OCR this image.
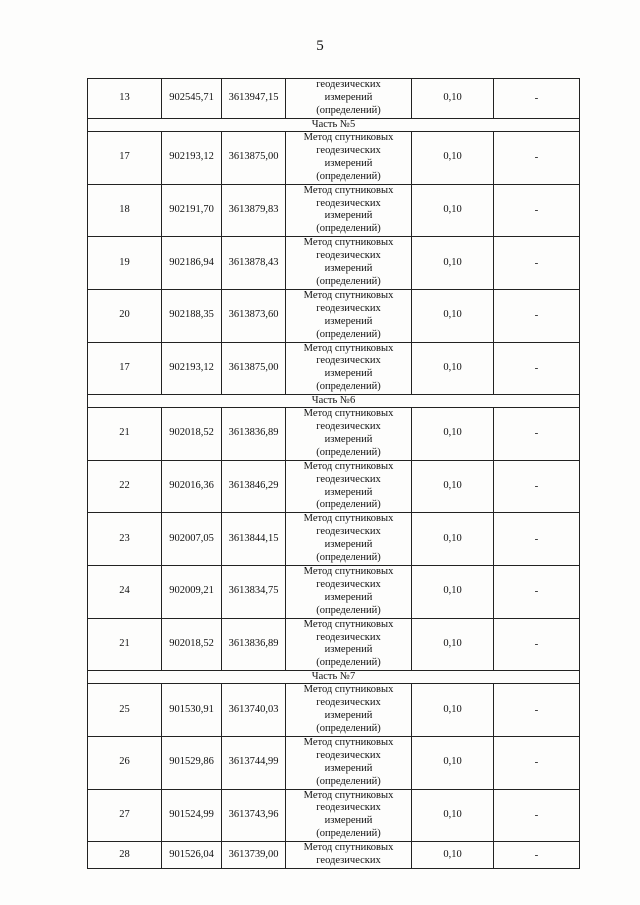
5
13	902545,71	3613947,15	геодезических
измерений
(определений)	0,10	-
Часть №5					
17	902193,12	3613875,00	Метод спутниковых
геодезических
измерений
(определений)	0,10	-
18	902191,70	3613879,83	Метод спутниковых
геодезических
измерений
(определений)	0,10	-
19	902186,94	3613878,43	Метод спутниковых
геодезических
измерений
(определений)	0,10	-
20	902188,35	3613873,60	Метод спутниковых
геодезических
измерений
(определений)	0,10	-
17	902193,12	3613875,00	Метод спутниковых
геодезических
измерений
(определений)	0,10	-
Часть №6					
21	902018,52	3613836,89	Метод спутниковых
геодезических
измерений
(определений)	0,10	-
22	902016,36	3613846,29	Метод спутниковых
геодезических
измерений
(определений)	0,10	-
23	902007,05	3613844,15	Метод спутниковых
геодезических
измерений
(определений)	0,10	-
24	902009,21	3613834,75	Метод спутниковых
геодезических
измерений
(определений)	0,10	-
21	902018,52	3613836,89	Метод спутниковых
геодезических
измерений
(определений)	0,10	-
Часть №7					
25	901530,91	3613740,03	Метод спутниковых
геодезических
измерений
(определений)	0,10	-
26	901529,86	3613744,99	Метод спутниковых
геодезических
измерений
(определений)	0,10	-
27	901524,99	3613743,96	Метод спутниковых
геодезических
измерений
(определений)	0,10	-
28	901526,04	3613739,00	Метод спутниковых
геодезических	0,10	-
